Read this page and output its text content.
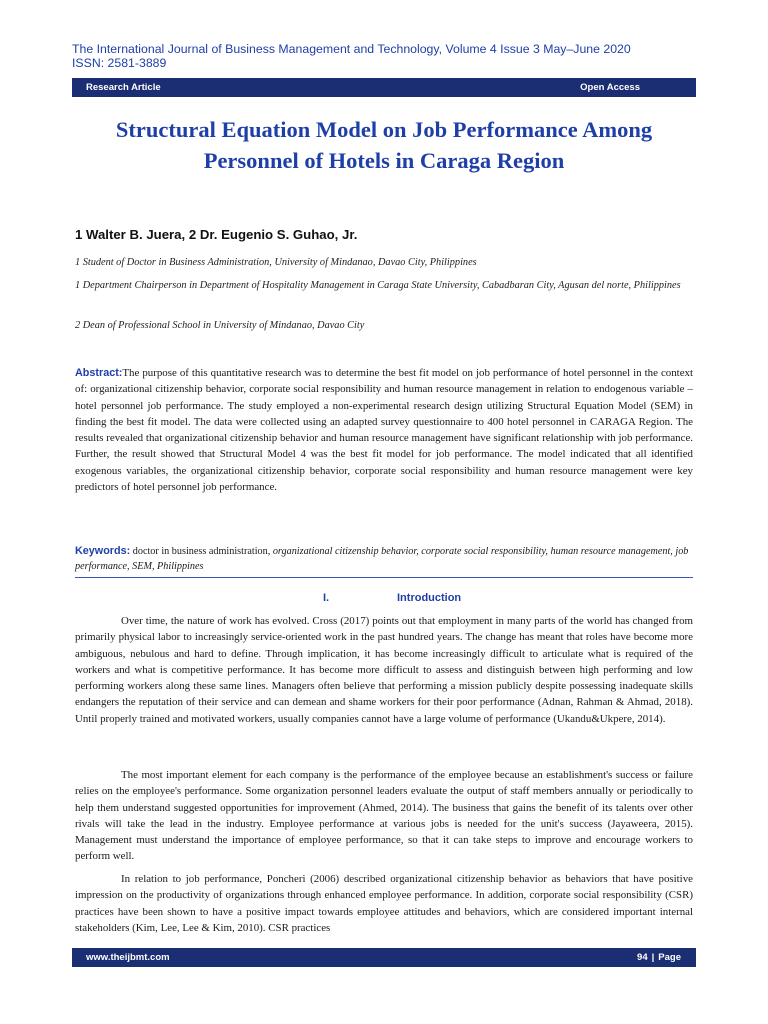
The International Journal of Business Management and Technology, Volume 4 Issue 3 May–June 2020
ISSN: 2581-3889
Research Article	Open Access
Structural Equation Model on Job Performance Among Personnel of Hotels in Caraga Region
1 Walter B. Juera, 2 Dr. Eugenio S. Guhao, Jr.
1 Student of Doctor in Business Administration, University of Mindanao, Davao City, Philippines
1 Department Chairperson in Department of Hospitality Management in Caraga State University, Cabadbaran City, Agusan del norte, Philippines
2 Dean of Professional School in University of Mindanao, Davao City

Abstract:The purpose of this quantitative research was to determine the best fit model on job performance of hotel personnel in the context of: organizational citizenship behavior, corporate social responsibility and human resource management in relation to endogenous variable –hotel personnel job performance. The study employed a non-experimental research design utilizing Structural Equation Model (SEM) in finding the best fit model. The data were collected using an adapted survey questionnaire to 400 hotel personnel in CARAGA Region. The results revealed that organizational citizenship behavior and human resource management have significant relationship with job performance. Further, the result showed that Structural Model 4 was the best fit model for job performance. The model indicated that all identified exogenous variables, the organizational citizenship behavior, corporate social responsibility and human resource management were key predictors of hotel personnel job performance.

Keywords: doctor in business administration, organizational citizenship behavior, corporate social responsibility, human resource management, job performance, SEM, Philippines

I.	Introduction

Over time, the nature of work has evolved. Cross (2017) points out that employment in many parts of the world has changed from primarily physical labor to increasingly service-oriented work in the past hundred years. The change has meant that roles have become more ambiguous, nebulous and hard to define. Through implication, it has become increasingly difficult to articulate what is required of the workers and what is competitive performance. It has become more difficult to assess and distinguish between high performing and low performing workers along these same lines. Managers often believe that performing a mission publicly despite possessing inadequate skills endangers the reputation of their service and can demean and shame workers for their poor performance (Adnan, Rahman & Ahmad, 2018). Until properly trained and motivated workers, usually companies cannot have a large volume of performance (Ukandu&Ukpere, 2014).

The most important element for each company is the performance of the employee because an establishment's success or failure relies on the employee's performance. Some organization personnel leaders evaluate the output of staff members annually or periodically to help them understand suggested opportunities for improvement (Ahmed, 2014). The business that gains the benefit of its talents over other rivals will take the lead in the industry. Employee performance at various jobs is needed for the unit's success (Jayaweera, 2015). Management must understand the importance of employee performance, so that it can take steps to improve and encourage workers to perform well.

In relation to job performance, Poncheri (2006) described organizational citizenship behavior as behaviors that have positive impression on the productivity of organizations through enhanced employee performance. In addition, corporate social responsibility (CSR) practices have been shown to have a positive impact towards employee attitudes and behaviors, which are considered important internal stakeholders (Kim, Lee, Lee & Kim, 2010). CSR practices

www.theijbmt.com	94 | Page
